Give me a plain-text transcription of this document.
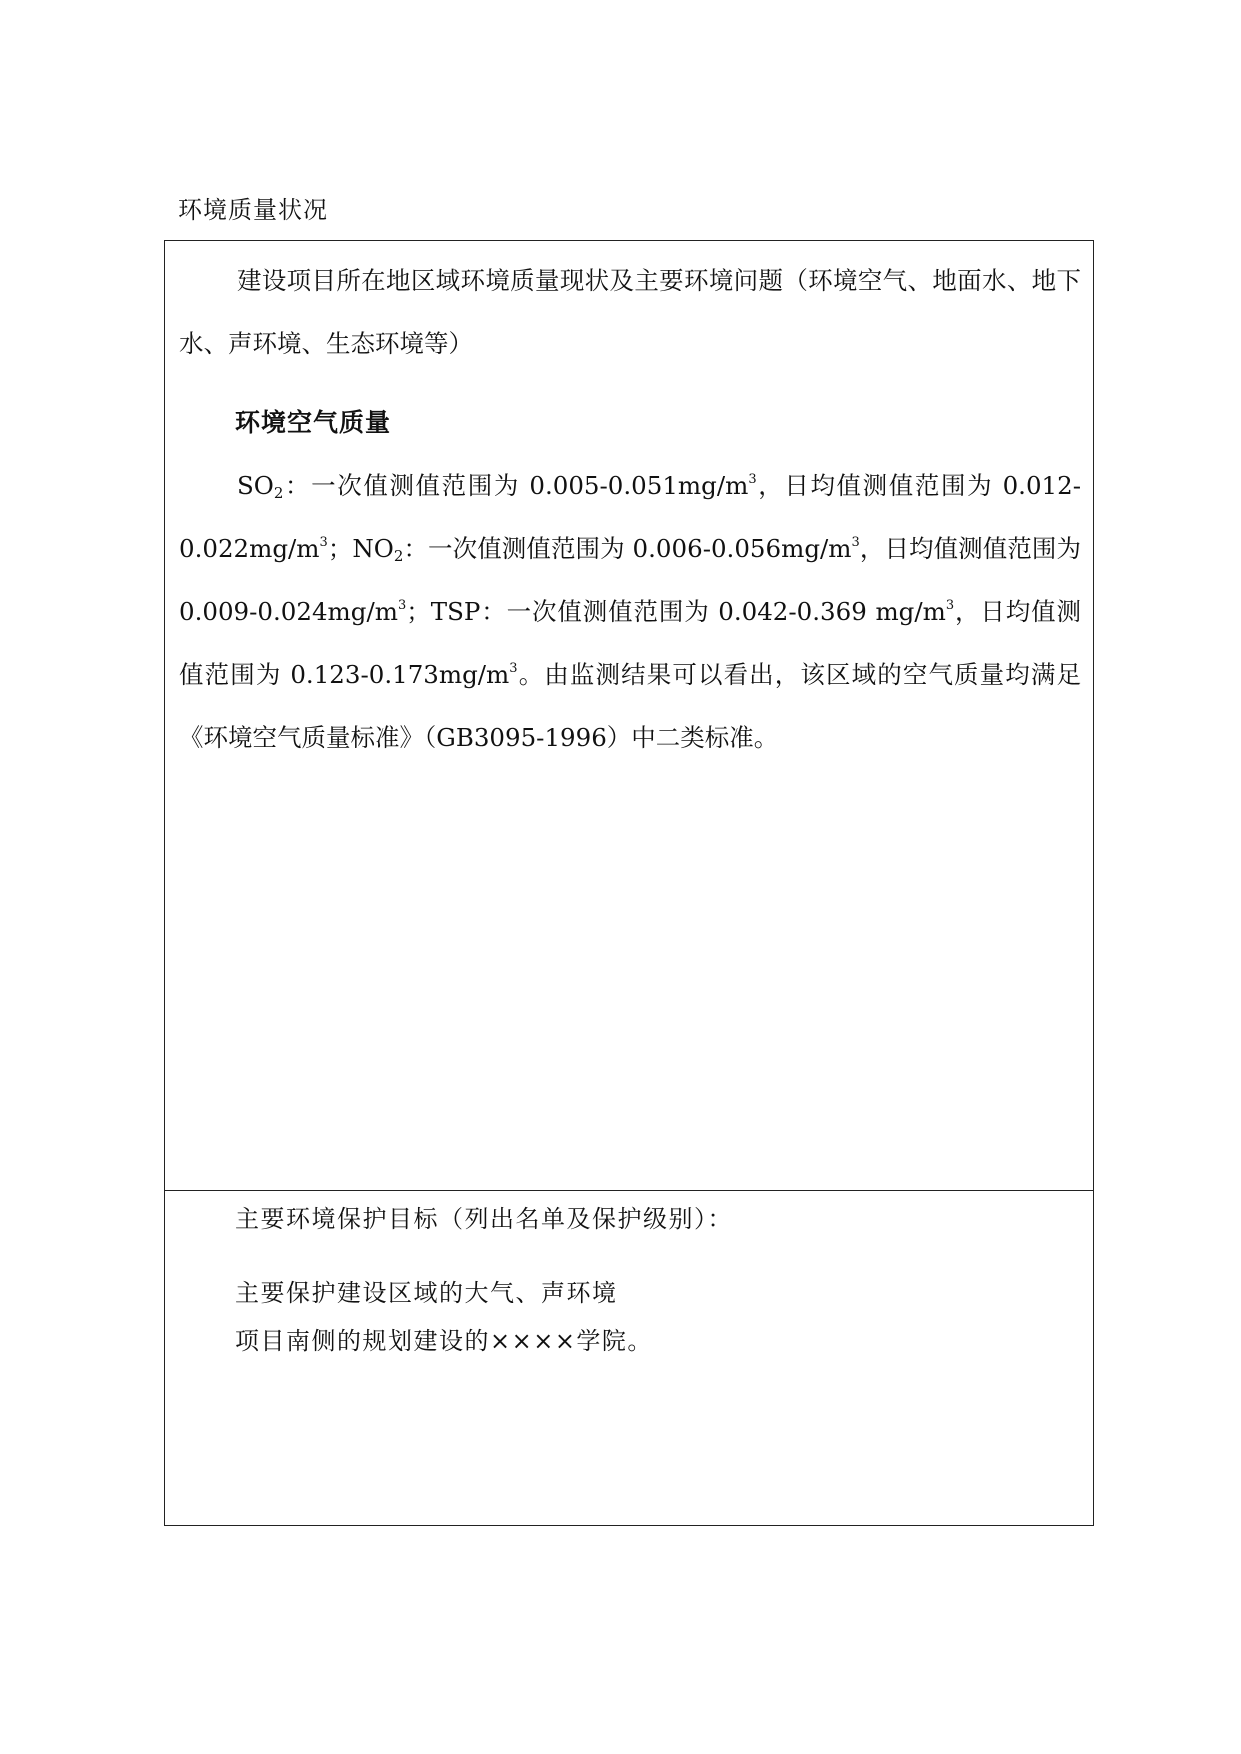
环境质量状况

建设项目所在地区域环境质量现状及主要环境问题（环境空气、地面水、地下水、声环境、生态环境等）

环境空气质量

$SO_2$：一次值测值范围为 $0.005-0.051mg/m^3$，日均值测值范围为 $0.012-0.022mg/m^3$；$NO_2$：一次值测值范围为 $0.006-0.056mg/m^3$，日均值测值范围为 $0.009-0.024mg/m^3$；TSP：一次值测值范围为 0.042-0.369 $mg/m^3$，日均值测值范围为 $0.123-0.173mg/m^3$。由监测结果可以看出，该区域的空气质量均满足《环境空气质量标准》（GB3095-1996）中二类标准。

主要环境保护目标（列出名单及保护级别）：
主要保护建设区域的大气、声环境
项目南侧的规划建设的××××学院。
